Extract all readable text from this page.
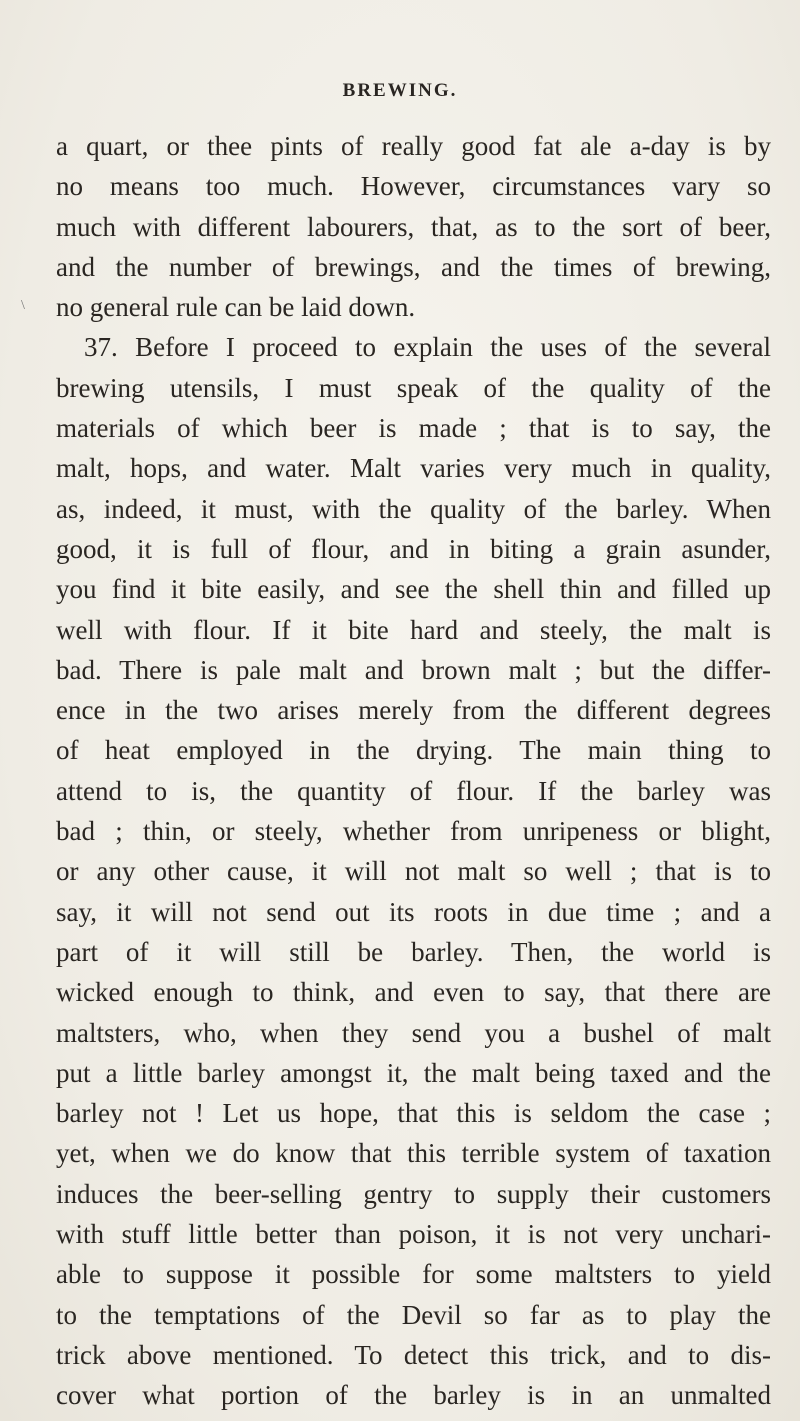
BREWING.
\
a quart, or thee pints of really good fat ale a-day is by
no means too much. However, circumstances vary so
much with different labourers, that, as to the sort of beer,
and the number of brewings, and the times of brewing,
no general rule can be laid down.
37. Before I proceed to explain the uses of the several
brewing utensils, I must speak of the quality of the
materials of which beer is made ; that is to say, the
malt, hops, and water. Malt varies very much in quality,
as, indeed, it must, with the quality of the barley. When
good, it is full of flour, and in biting a grain asunder,
you find it bite easily, and see the shell thin and filled up
well with flour. If it bite hard and steely, the malt is
bad. There is pale malt and brown malt ; but the differ-
ence in the two arises merely from the different degrees
of heat employed in the drying. The main thing to
attend to is, the quantity of flour. If the barley was
bad ; thin, or steely, whether from unripeness or blight,
or any other cause, it will not malt so well ; that is to
say, it will not send out its roots in due time ; and a
part of it will still be barley. Then, the world is
wicked enough to think, and even to say, that there are
maltsters, who, when they send you a bushel of malt
put a little barley amongst it, the malt being taxed and the
barley not ! Let us hope, that this is seldom the case ;
yet, when we do know that this terrible system of taxation
induces the beer-selling gentry to supply their customers
with stuff little better than poison, it is not very unchari-
able to suppose it possible for some maltsters to yield
to the temptations of the Devil so far as to play the
trick above mentioned. To detect this trick, and to dis-
cover what portion of the barley is in an unmalted
